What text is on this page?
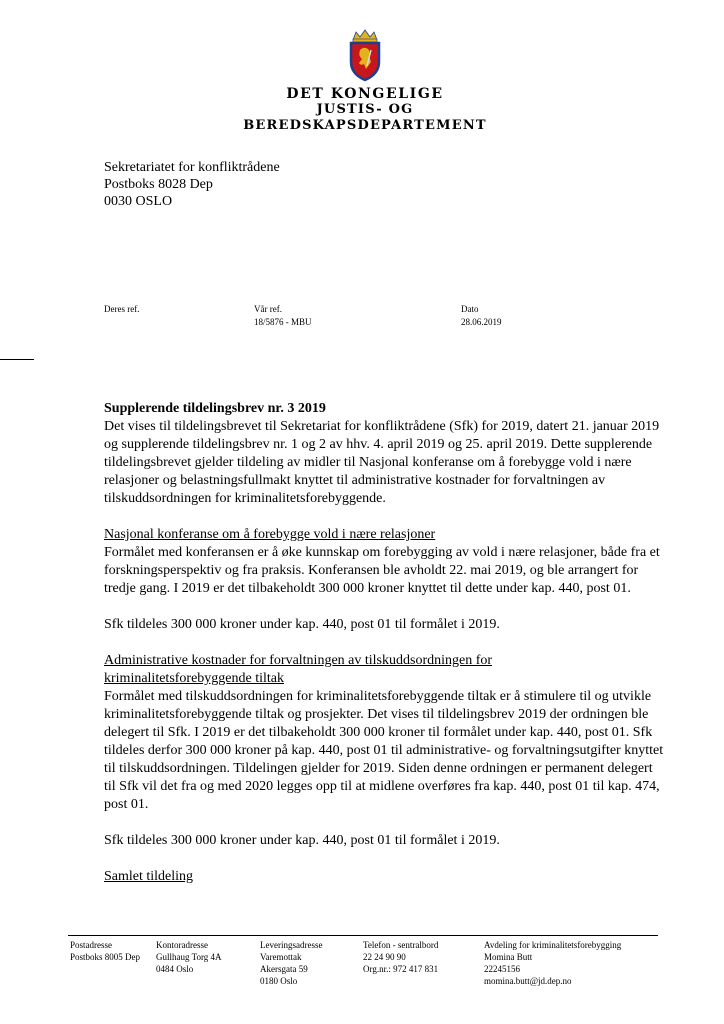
DET KONGELIGE
JUSTIS- OG BEREDSKAPSDEPARTEMENT
Sekretariatet for konfliktrådene
Postboks 8028 Dep
0030 OSLO
Deres ref.	Vår ref.
18/5876 - MBU
Dato
28.06.2019

Supplerende tildelingsbrev nr. 3 2019

Det vises til tildelingsbrevet til Sekretariat for konfliktrådene (Sfk) for 2019, datert 21. januar 2019 og supplerende tildelingsbrev nr. 1 og 2 av hhv. 4. april 2019 og 25. april 2019. Dette supplerende tildelingsbrevet gjelder tildeling av midler til Nasjonal konferanse om å forebygge vold i nære relasjoner og belastningsfullmakt knyttet til administrative kostnader for forvaltningen av tilskuddsordningen for kriminalitetsforebyggende.

Nasjonal konferanse om å forebygge vold i nære relasjoner

Formålet med konferansen er å øke kunnskap om forebygging av vold i nære relasjoner, både fra et forskningsperspektiv og fra praksis. Konferansen ble avholdt 22. mai 2019, og ble arrangert for tredje gang. I 2019 er det tilbakeholdt 300 000 kroner knyttet til dette under kap. 440, post 01.

Sfk tildeles 300 000 kroner under kap. 440, post 01 til formålet i 2019.

Administrative kostnader for forvaltningen av tilskuddsordningen for kriminalitetsforebyggende tiltak

Formålet med tilskuddsordningen for kriminalitetsforebyggende tiltak er å stimulere til og utvikle kriminalitetsforebyggende tiltak og prosjekter. Det vises til tildelingsbrev 2019 der ordningen ble delegert til Sfk. I 2019 er det tilbakeholdt 300 000 kroner til formålet under kap. 440, post 01. Sfk tildeles derfor 300 000 kroner på kap. 440, post 01 til administrative- og forvaltningsutgifter knyttet til tilskuddsordningen. Tildelingen gjelder for 2019. Siden denne ordningen er permanent delegert til Sfk vil det fra og med 2020 legges opp til at midlene overføres fra kap. 440, post 01 til kap. 474, post 01.

Sfk tildeles 300 000 kroner under kap. 440, post 01 til formålet i 2019.

Samlet tildeling

Postadresse
Postboks 8005 Dep
Kontoradresse
Gullhaug Torg 4A
0484 Oslo
Leveringsadresse
Varemottak
Akersgata 59
0180 Oslo
Telefon - sentralbord
22 24 90 90
Org.nr.: 972 417 831
Avdeling for kriminalitetsforebygging
Momina Butt
22245156
momina.butt@jd.dep.no
